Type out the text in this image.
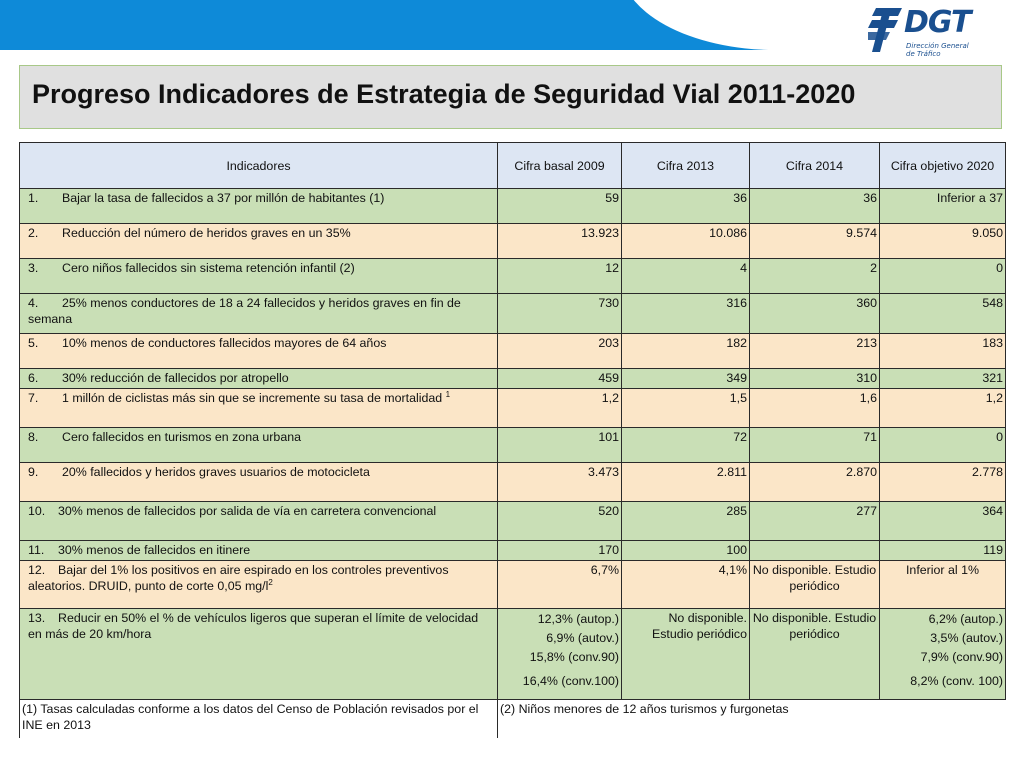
DGT
Dirección General
de Tráfico
Progreso Indicadores de Estrategia de Seguridad Vial 2011-2020
Indicadores	Cifra basal 2009	Cifra 2013	Cifra 2014	Cifra objetivo 2020
1. Bajar la tasa de fallecidos a 37 por millón de habitantes (1)	59	36	36	Inferior a 37
2. Reducción del número de heridos graves en un 35%	13.923	10.086	9.574	9.050
3. Cero niños fallecidos sin sistema retención infantil (2)	12	4	2	0
4. 25% menos conductores de 18 a 24 fallecidos y heridos graves en fin de semana	730	316	360	548
5. 10% menos de conductores fallecidos mayores de 64 años	203	182	213	183
6. 30% reducción de fallecidos por atropello	459	349	310	321
7. 1 millón de ciclistas más sin que se incremente su tasa de mortalidad $^1$	1,2	1,5	1,6	1,2
8. Cero fallecidos en turismos en zona urbana	101	72	71	0
9. 20% fallecidos y heridos graves usuarios de motocicleta	3.473	2.811	2.870	2.778
10. 30% menos de fallecidos por salida de vía en carretera convencional	520	285	277	364
11. 30% menos de fallecidos en itinere	170	100		119
12. Bajar del 1% los positivos en aire espirado en los controles preventivos aleatorios. DRUID, punto de corte 0,05 $mg/l^2$	6,7%	4,1%	No disponible. Estudio periódico	Inferior al 1%
13. Reducir en 50% el % de vehículos ligeros que superan el límite de velocidad en más de 20 km/hora	12,3% (autop.)
6,9% (autov.)
15,8% (conv.90)
16,4% (conv.100)	No disponible. Estudio periódico	No disponible. Estudio periódico	6,2% (autop.)
3,5% (autov.)
7,9% (conv.90)
8,2% (conv. 100)

(1) Tasas calculadas conforme a los datos del Censo de Población revisados por el INE en 2013	(2) Niños menores de 12 años turismos y furgonetas			
